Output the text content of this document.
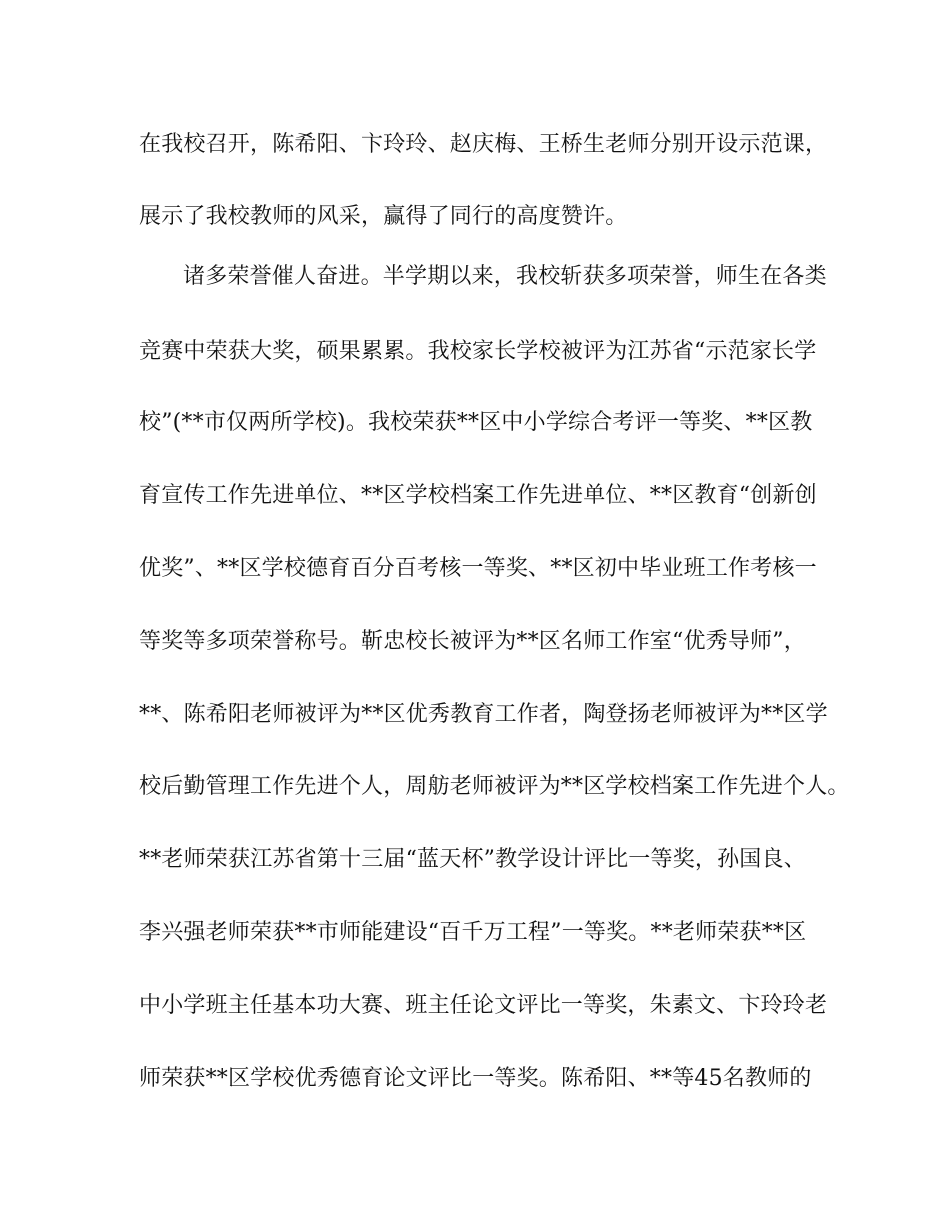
在我校召开，陈希阳、卞玲玲、赵庆梅、王桥生老师分别开设示范课，
展示了我校教师的风采，赢得了同行的高度赞许。
诸多荣誉催人奋进。半学期以来，我校斩获多项荣誉，师生在各类
竞赛中荣获大奖，硕果累累。我校家长学校被评为江苏省“示范家长学
校”(**市仅两所学校)。我校荣获**区中小学综合考评一等奖、**区教
育宣传工作先进单位、**区学校档案工作先进单位、**区教育“创新创
优奖”、**区学校德育百分百考核一等奖、**区初中毕业班工作考核一
等奖等多项荣誉称号。靳忠校长被评为**区名师工作室“优秀导师”，
**、陈希阳老师被评为**区优秀教育工作者，陶登扬老师被评为**区学
校后勤管理工作先进个人，周舫老师被评为**区学校档案工作先进个人。
**老师荣获江苏省第十三届“蓝天杯”教学设计评比一等奖，孙国良、
李兴强老师荣获**市师能建设“百千万工程”一等奖。**老师荣获**区
中小学班主任基本功大赛、班主任论文评比一等奖，朱素文、卞玲玲老
师荣获**区学校优秀德育论文评比一等奖。陈希阳、**等45名教师的
